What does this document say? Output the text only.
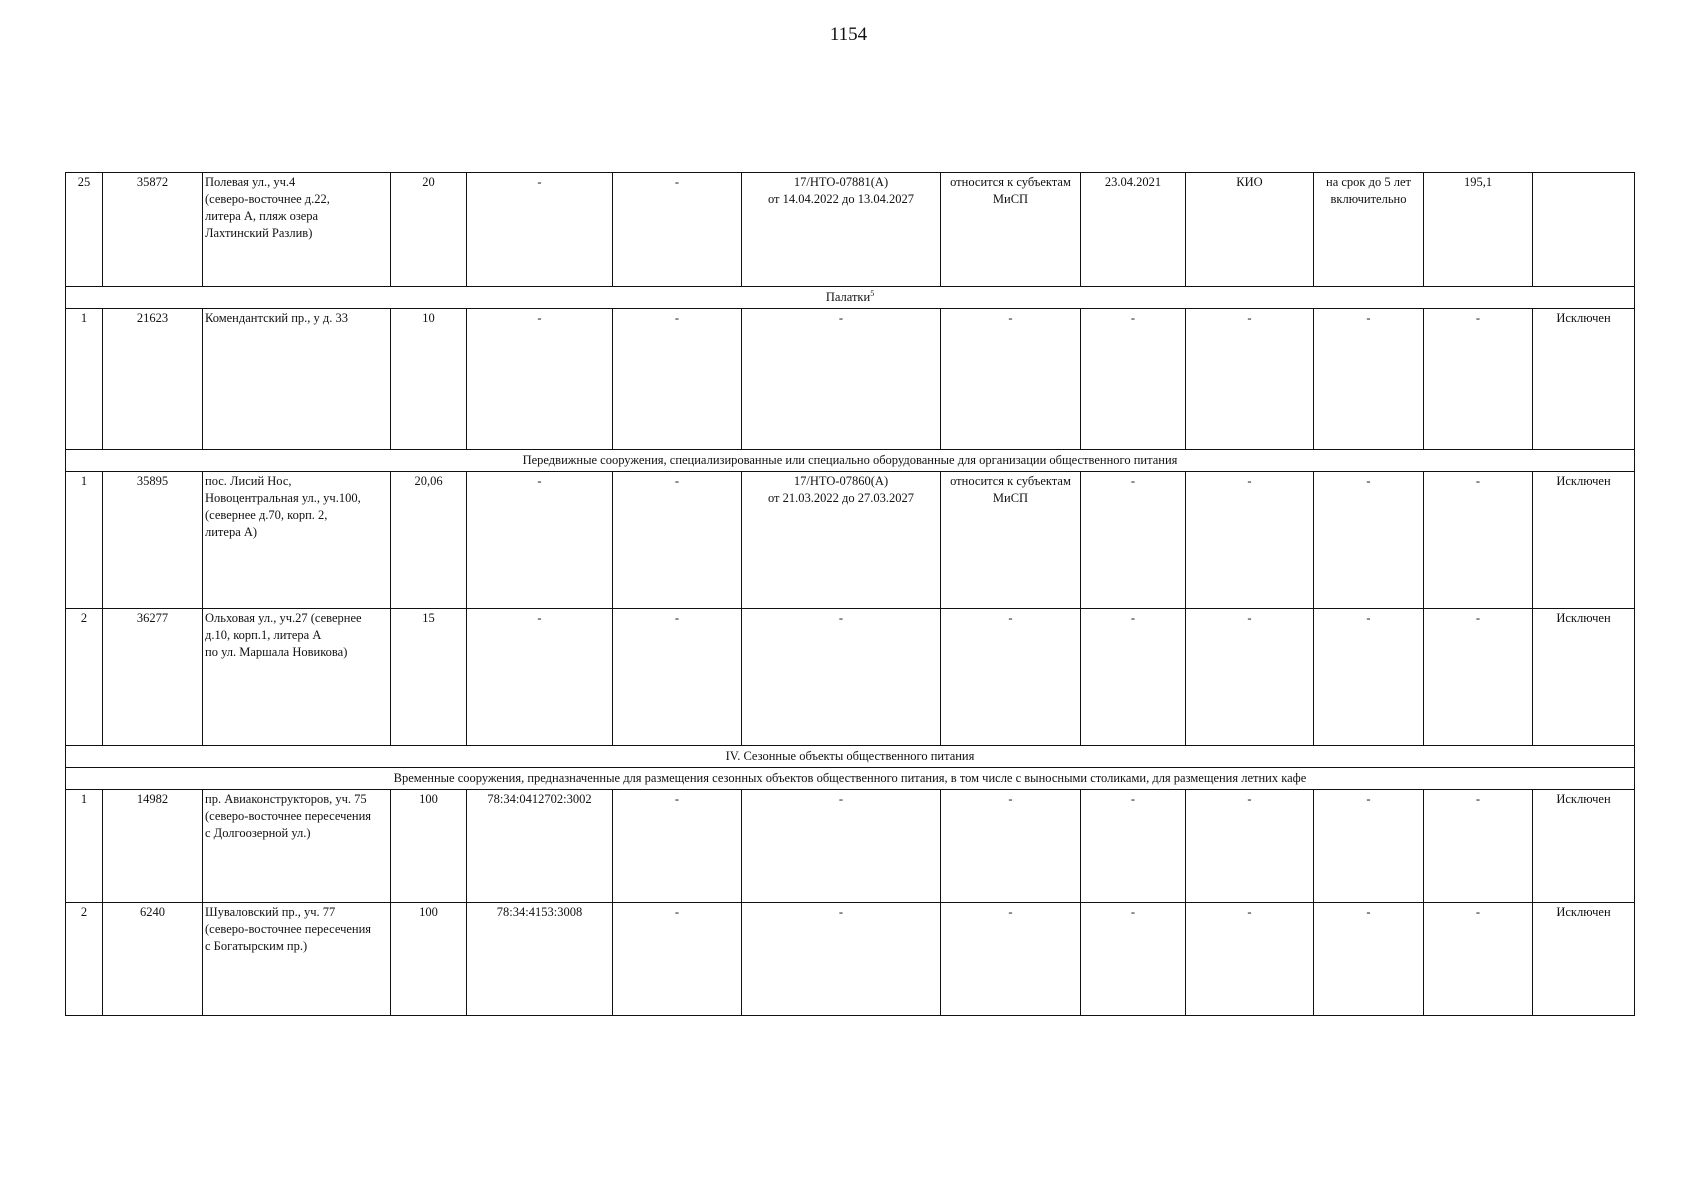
1154
25	35872	Полевая ул., уч.4
(северо-восточнее д.22,
литера А, пляж озера
Лахтинский Разлив)	20	-	-	17/НТО-07881(А)
от 14.04.2022 до 13.04.2027	относится к субъектам
МиСП	23.04.2021	КИО	на срок до 5 лет
включительно	195,1	
Палатки$^5$
1	21623	Комендантский пр., у д. 33	10	-	-	-	-	-	-	-	-	Исключен
Передвижные сооружения, специализированные или специально оборудованные для организации общественного питания												
1	35895	пос. Лисий Нос,
Новоцентральная ул., уч.100,
(севернее д.70, корп. 2,
литера А)	20,06	-	-	17/НТО-07860(А)
от 21.03.2022 до 27.03.2027	относится к субъектам
МиСП	-	-	-	-	Исключен
2	36277	Ольховая ул., уч.27 (севернее
д.10, корп.1, литера А
по ул. Маршала Новикова)	15	-	-	-	-	-	-	-	-	Исключен
IV. Сезонные объекты общественного питания												
Временные сооружения, предназначенные для размещения сезонных объектов общественного питания, в том числе с выносными столиками, для размещения летних кафе												
1	14982	пр. Авиаконструкторов, уч. 75
(северо-восточнее пересечения
с Долгоозерной ул.)	100	78:34:0412702:3002	-	-	-	-	-	-	-	Исключен
2	6240	Шуваловский пр., уч. 77
(северо-восточнее пересечения
с Богатырским пр.)	100	78:34:4153:3008	-	-	-	-	-	-	-	Исключен
